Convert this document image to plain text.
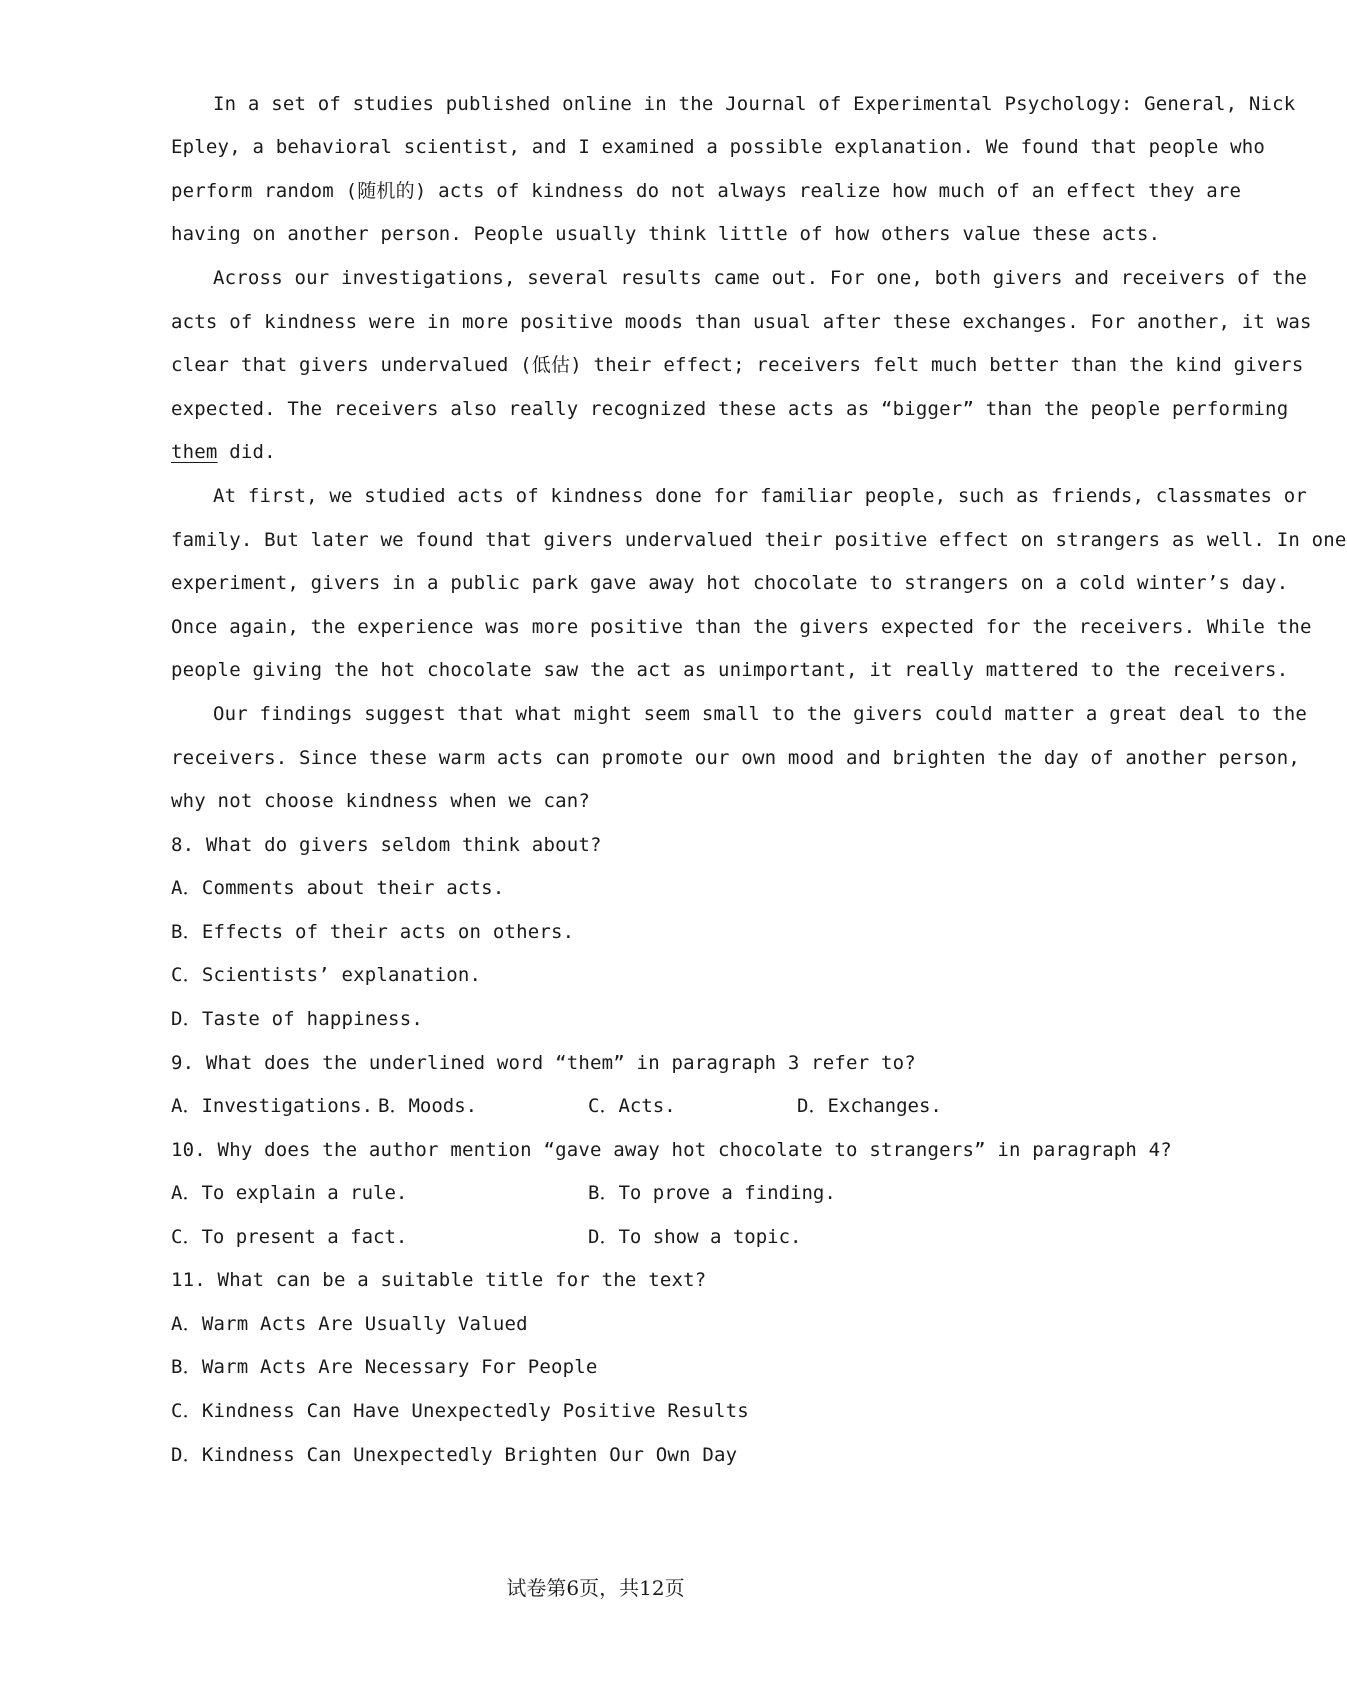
In a set of studies published online in the Journal of Experimental Psychology: General, Nick
Epley, a behavioral scientist, and I examined a possible explanation. We found that people who
perform random (随机的) acts of kindness do not always realize how much of an effect they are
having on another person. People usually think little of how others value these acts.
Across our investigations, several results came out. For one, both givers and receivers of the
acts of kindness were in more positive moods than usual after these exchanges. For another, it was
clear that givers undervalued (低估) their effect; receivers felt much better than the kind givers
expected. The receivers also really recognized these acts as “bigger” than the people performing
them did.
At first, we studied acts of kindness done for familiar people, such as friends, classmates or
family. But later we found that givers undervalued their positive effect on strangers as well. In one
experiment, givers in a public park gave away hot chocolate to strangers on a cold winter’s day.
Once again, the experience was more positive than the givers expected for the receivers. While the
people giving the hot chocolate saw the act as unimportant, it really mattered to the receivers.
Our findings suggest that what might seem small to the givers could matter a great deal to the
receivers. Since these warm acts can promote our own mood and brighten the day of another person,
why not choose kindness when we can?
8. What do givers seldom think about?
A．Comments about their acts.
B．Effects of their acts on others.
C．Scientists’ explanation.
D．Taste of happiness.
9. What does the underlined word “them” in paragraph 3 refer to?
A．Investigations. B．Moods.	C．Acts.	D．Exchanges.
10. Why does the author mention “gave away hot chocolate to strangers” in paragraph 4?
A．To explain a rule.	B．To prove a finding.
C．To present a fact.	D．To show a topic.
11. What can be a suitable title for the text?
A．Warm Acts Are Usually Valued
B．Warm Acts Are Necessary For People
C．Kindness Can Have Unexpectedly Positive Results
D．Kindness Can Unexpectedly Brighten Our Own Day
试卷第6页，共12页
